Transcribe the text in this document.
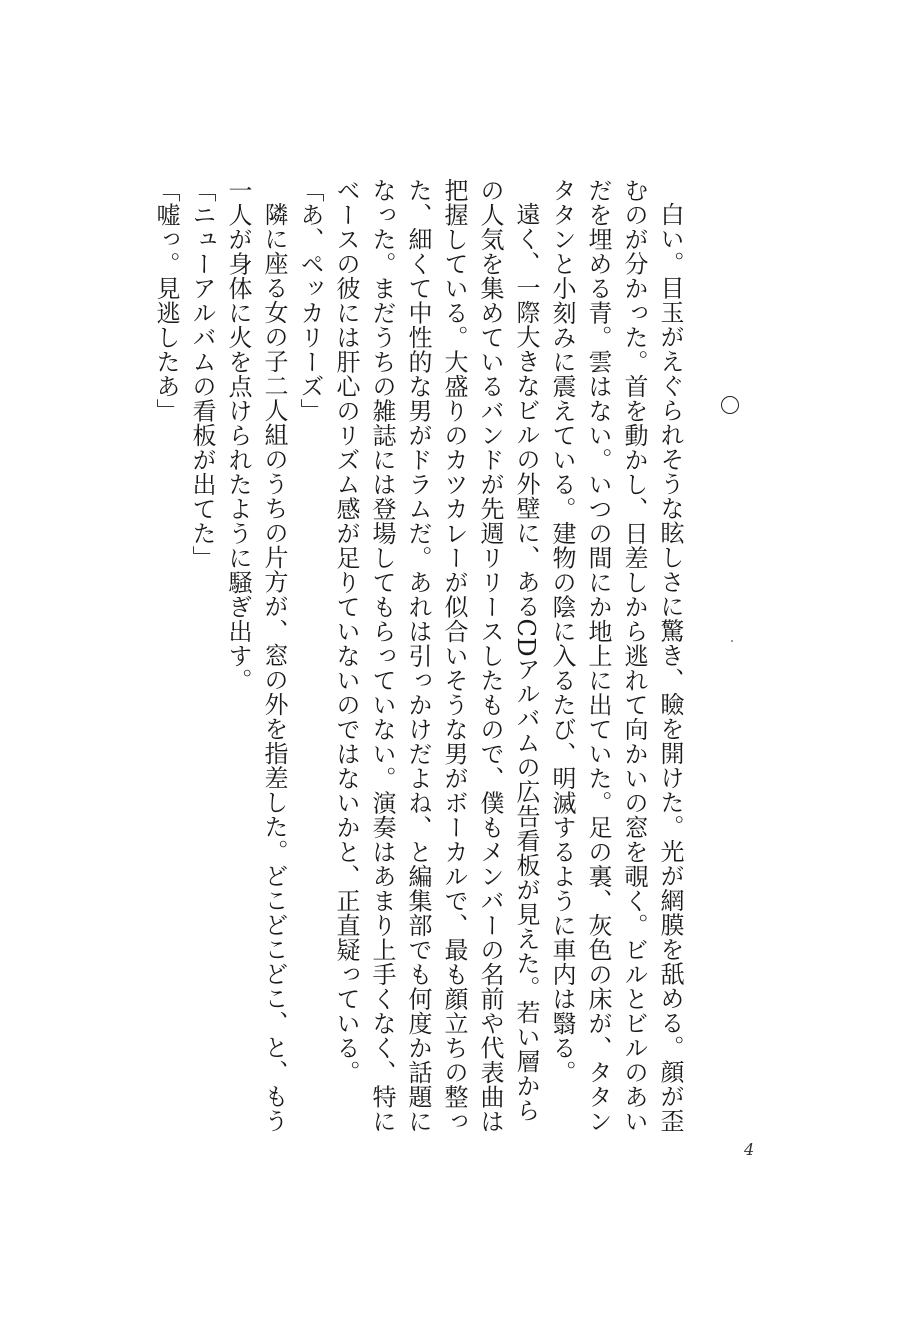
白い。目玉がえぐられそうな眩しさに驚き、瞼を開けた。光が網膜を舐める。顔が歪むのが分かった。首を動かし、日差しから逃れて向かいの窓を覗く。ビルとビルのあいだを埋める青。雲はない。いつの間にか地上に出ていた。足の裏、灰色の床が、タタンタタンと小刻みに震えている。建物の陰に入るたび、明滅するように車内は翳る。

遠く、一際大きなビルの外壁に、あるCDアルバムの広告看板が見えた。若い層からの人気を集めているバンドが先週リリースしたもので、僕もメンバーの名前や代表曲は把握している。大盛りのカツカレーが似合いそうな男がボーカルで、最も顔立ちの整った、細くて中性的な男がドラムだ。あれは引っかけだよね、と編集部でも何度か話題になった。まだうちの雑誌には登場してもらっていない。演奏はあまり上手くなく、特にベースの彼には肝心のリズム感が足りていないのではないかと、正直疑っている。

「あ、ペッカリーズ」

隣に座る女の子二人組のうちの片方が、窓の外を指差した。どこどこどこ、と、もう一人が身体に火を点けられたように騒ぎ出す。

「ニューアルバムの看板が出てた」

「嘘っ。見逃したあ」

4
